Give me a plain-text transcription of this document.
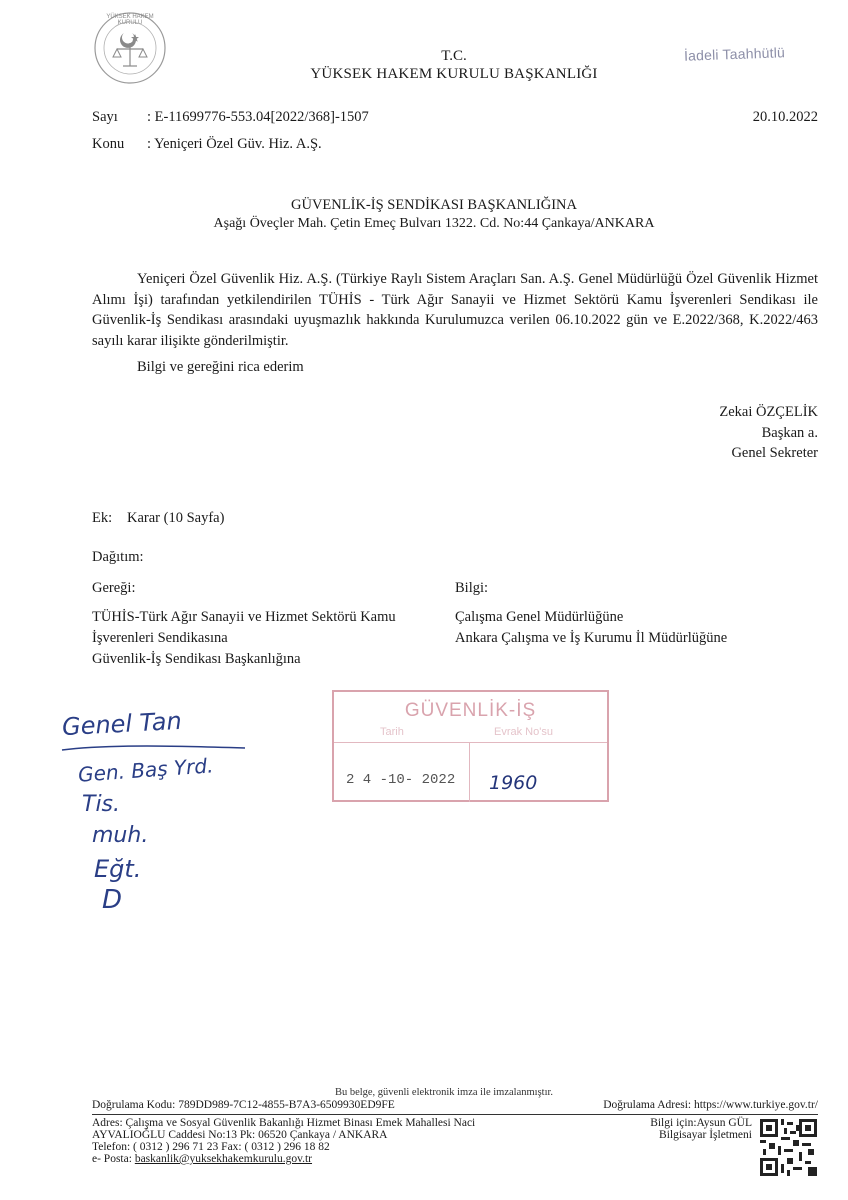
YÜKSEK HAKEM KURULU
T.C.
YÜKSEK HAKEM KURULU BAŞKANLIĞI
İadeli Taahhütlü
Sayı : E-11699776-553.04[2022/368]-1507	20.10.2022
Konu : Yeniçeri Özel Güv. Hiz. A.Ş.
GÜVENLİK-İŞ SENDİKASI BAŞKANLIĞINA
Aşağı Öveçler Mah. Çetin Emeç Bulvarı 1322. Cd. No:44 Çankaya/ANKARA
Yeniçeri Özel Güvenlik Hiz. A.Ş. (Türkiye Raylı Sistem Araçları San. A.Ş. Genel Müdürlüğü Özel Güvenlik Hizmet Alımı İşi) tarafından yetkilendirilen TÜHİS - Türk Ağır Sanayii ve Hizmet Sektörü Kamu İşverenleri Sendikası ile Güvenlik-İş Sendikası arasındaki uyuşmazlık hakkında Kurulumuzca verilen 06.10.2022 gün ve E.2022/368, K.2022/463 sayılı karar ilişikte gönderilmiştir.
Bilgi ve gereğini rica ederim
Zekai ÖZÇELİK
Başkan a.
Genel Sekreter
Ek: Karar (10 Sayfa)
Dağıtım:
Gereği:
TÜHİS-Türk Ağır Sanayii ve Hizmet Sektörü Kamu
İşverenleri Sendikasına
Güvenlik-İş Sendikası Başkanlığına
Bilgi:
Çalışma Genel Müdürlüğüne
Ankara Çalışma ve İş Kurumu İl Müdürlüğüne
GÜVENLİK-İŞ
Tarih	Evrak No'su
2 4 -10- 2022 1960
Genel Tan
Gen. Baş Yrd.
Tis.
muh.
Eğt.
D
Bu belge, güvenli elektronik imza ile imzalanmıştır.
Doğrulama Kodu: 789DD989-7C12-4855-B7A3-6509930ED9FE	Doğrulama Adresi: https://www.turkiye.gov.tr/
Adres: Çalışma ve Sosyal Güvenlik Bakanlığı Hizmet Binası Emek Mahallesi Naci
AYVALIOĞLU Caddesi No:13 Pk: 06520 Çankaya / ANKARA
Telefon: ( 0312 ) 296 71 23 Fax: ( 0312 ) 296 18 82
e- Posta: baskanlik@yuksekhakemkurulu.gov.tr
Bilgi için:Aysun GÜL
Bilgisayar İşletmeni
